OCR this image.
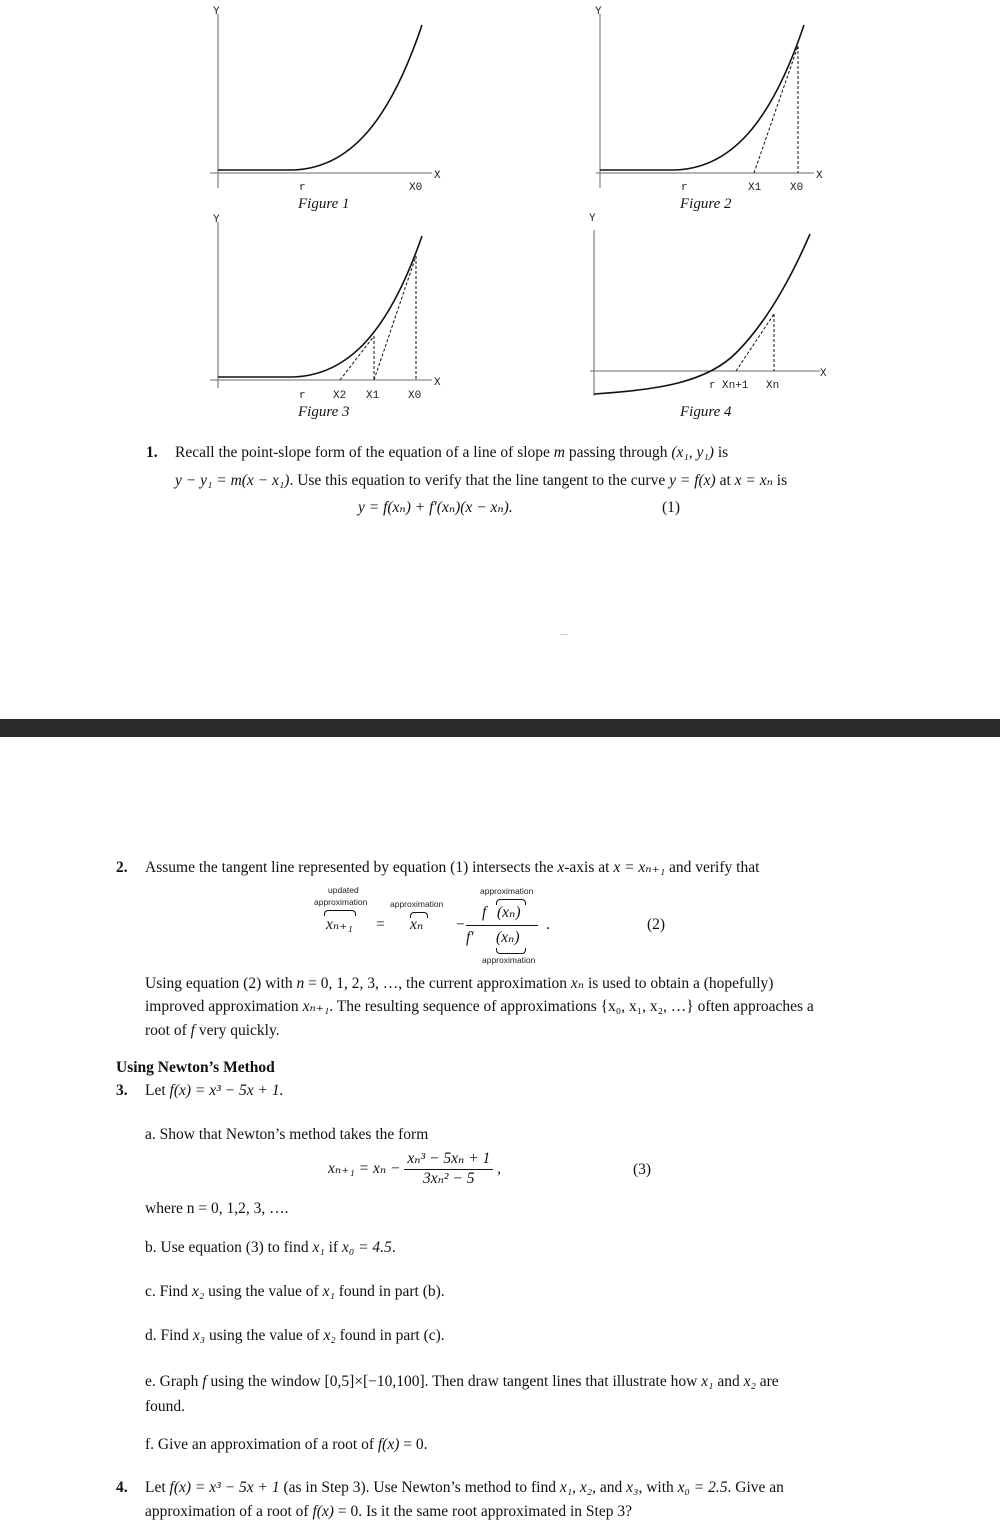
Y
X
r	X0
Figure 1
Y
X
r	X1	X0
Figure 2
Y
X
r X2 X1	X0
Figure 3
Y
X
r Xn+1 Xn
Figure 4
1. Recall the point-slope form of the equation of a line of slope m passing through (x₁, y₁) is
y − y₁ = m(x − x₁). Use this equation to verify that the line tangent to the curve y = f(x) at x = xₙ is
y = f(xₙ) + f′(xₙ)(x − xₙ).	(1)
2. Assume the tangent line represented by equation (1) intersects the x-axis at x = xₙ₊₁ and verify that
updated
approximation
xₙ₊₁ =
approximation
xₙ −
approximation
f (xₙ)
f′ (xₙ)
approximation
.	(2)
Using equation (2) with n = 0, 1, 2, 3, …, the current approximation xₙ is used to obtain a (hopefully)
improved approximation xₙ₊₁. The resulting sequence of approximations {x₀, x₁, x₂, …} often approaches a
root of f very quickly.
Using Newton’s Method
3. Let f(x) = x³ − 5x + 1.
a. Show that Newton’s method takes the form
$x_{n+1} = x_n - \frac{\text{xₙ³ − 5xₙ + 1}}{\text{3xₙ² − 5}}$ ,	(3)
where n = 0, 1,2, 3, ….
b. Use equation (3) to find x₁ if x₀ = 4.5.
c. Find x₂ using the value of x₁ found in part (b).
d. Find x₃ using the value of x₂ found in part (c).
e. Graph f using the window [0,5]×[−10,100]. Then draw tangent lines that illustrate how x₁ and x₂ are
found.
f. Give an approximation of a root of f(x) = 0.
4. Let f(x) = x³ − 5x + 1 (as in Step 3). Use Newton’s method to find x₁, x₂, and x₃, with x₀ = 2.5. Give an
approximation of a root of f(x) = 0. Is it the same root approximated in Step 3?
